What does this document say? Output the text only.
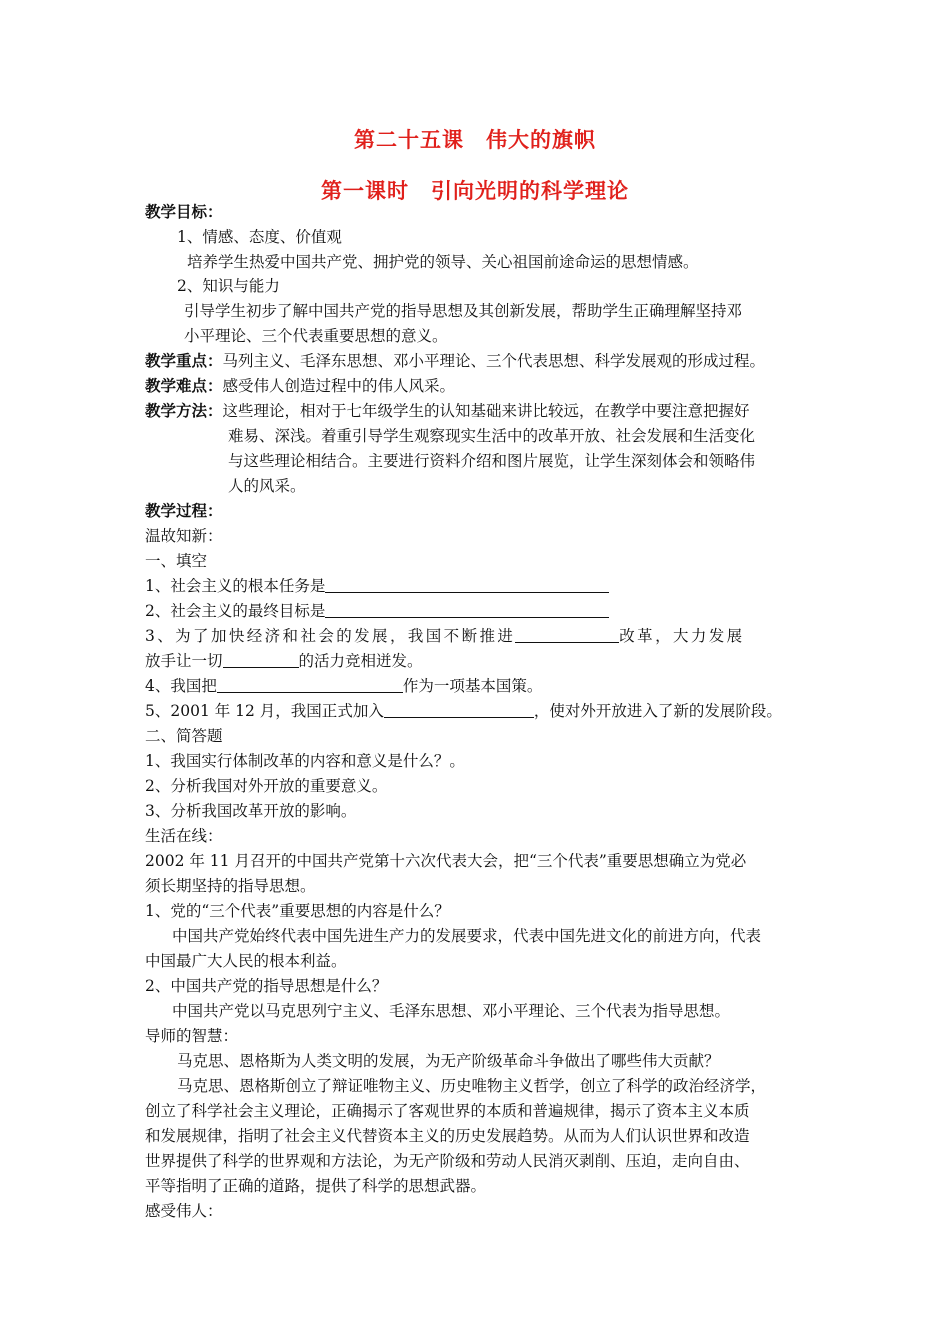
第二十五课　伟大的旗帜
第一课时　引向光明的科学理论
教学目标：
1、情感、态度、价值观
培养学生热爱中国共产党、拥护党的领导、关心祖国前途命运的思想情感。
2、知识与能力
引导学生初步了解中国共产党的指导思想及其创新发展，帮助学生正确理解坚持邓
小平理论、三个代表重要思想的意义。
教学重点：马列主义、毛泽东思想、邓小平理论、三个代表思想、科学发展观的形成过程。
教学难点：感受伟人创造过程中的伟人风采。
教学方法：这些理论，相对于七年级学生的认知基础来讲比较远，在教学中要注意把握好
难易、深浅。着重引导学生观察现实生活中的改革开放、社会发展和生活变化
与这些理论相结合。主要进行资料介绍和图片展览，让学生深刻体会和领略伟
人的风采。
教学过程：
温故知新：
一、填空
1、社会主义的根本任务是
2、社会主义的最终目标是
3、为了加快经济和社会的发展，我国不断推进	改革，大力发展
放手让一切	的活力竞相迸发。
4、我国把	作为一项基本国策。
5、2001 年 12 月，我国正式加入	，使对外开放进入了新的发展阶段。
二、简答题
1、我国实行体制改革的内容和意义是什么？。
2、分析我国对外开放的重要意义。
3、分析我国改革开放的影响。
生活在线：
2002 年 11 月召开的中国共产党第十六次代表大会，把“三个代表”重要思想确立为党必
须长期坚持的指导思想。
1、党的“三个代表”重要思想的内容是什么？
中国共产党始终代表中国先进生产力的发展要求，代表中国先进文化的前进方向，代表
中国最广大人民的根本利益。
2、中国共产党的指导思想是什么？
中国共产党以马克思列宁主义、毛泽东思想、邓小平理论、三个代表为指导思想。
导师的智慧：
马克思、恩格斯为人类文明的发展，为无产阶级革命斗争做出了哪些伟大贡献？
马克思、恩格斯创立了辩证唯物主义、历史唯物主义哲学，创立了科学的政治经济学，
创立了科学社会主义理论，正确揭示了客观世界的本质和普遍规律，揭示了资本主义本质
和发展规律，指明了社会主义代替资本主义的历史发展趋势。从而为人们认识世界和改造
世界提供了科学的世界观和方法论，为无产阶级和劳动人民消灭剥削、压迫，走向自由、
平等指明了正确的道路，提供了科学的思想武器。
感受伟人：
